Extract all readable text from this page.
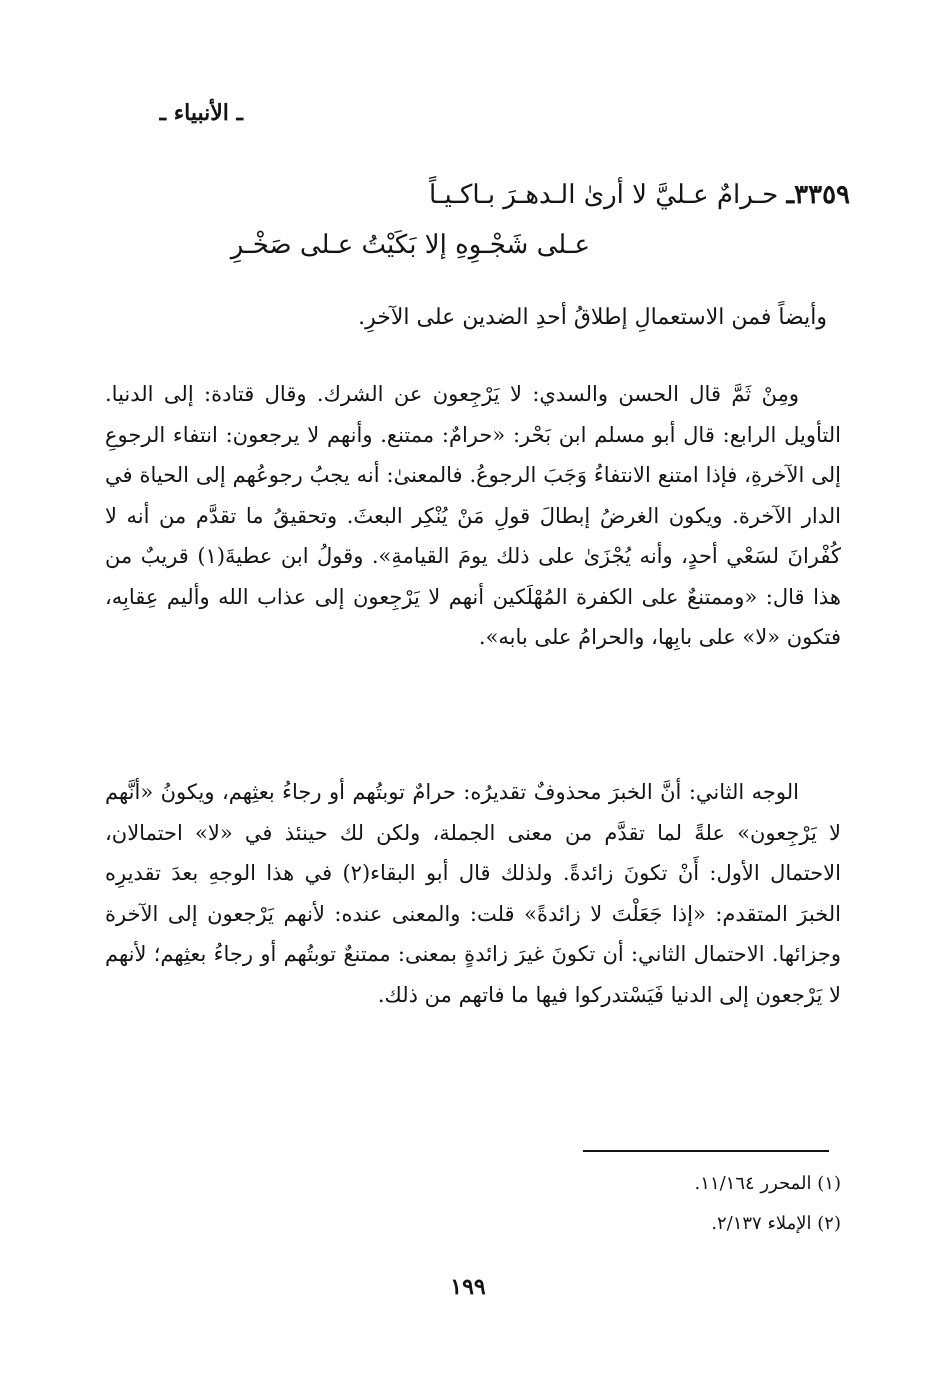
ـ الأنبياء ـ
٣٣٥٩ـ حـرامٌ عـليَّ لا أرىٰ الـدهـرَ بـاكـيـاً
عـلى شَجْـوِهِ إلا بَكَيْتُ عـلى صَخْـرِ
وأيضاً فمن الاستعمالِ إطلاقُ أحدِ الضدين على الآخرِ.

ومِنْ ثَمَّ قال الحسن والسدي: لا يَرْجِعون عن الشرك. وقال قتادة: إلى الدنيا. التأويل الرابع: قال أبو مسلم ابن بَحْر: «حرامٌ: ممتنع. وأنهم لا يرجعون: انتفاء الرجوعِ إلى الآخرةِ، فإذا امتنع الانتفاءُ وَجَبَ الرجوعُ. فالمعنىٰ: أنه يجبُ رجوعُهم إلى الحياة في الدار الآخرة. ويكون الغرضُ إبطالَ قولِ مَنْ يُنْكِر البعثَ. وتحقيقُ ما تقدَّم من أنه لا كُفْرانَ لسَعْي أحدٍ، وأنه يُجْزَىٰ على ذلك يومَ القيامةِ». وقولُ ابن عطيةَ(١) قريبٌ من هذا قال: «وممتنعٌ على الكفرة المُهْلَكين أنهم لا يَرْجِعون إلى عذاب الله وأليم عِقابِه، فتكون «لا» على بابِها، والحرامُ على بابه».

الوجه الثاني: أنَّ الخبرَ محذوفٌ تقديرُه: حرامٌ توبتُهم أو رجاءُ بعثِهم، ويكونُ «أنَّهم لا يَرْجِعون» علةً لما تقدَّم من معنى الجملة، ولكن لك حينئذ في «لا» احتمالان، الاحتمال الأول: أَنْ تكونَ زائدةً. ولذلك قال أبو البقاء(٢) في هذا الوجهِ بعدَ تقديرِه الخبرَ المتقدم: «إذا جَعَلْتَ لا زائدةً» قلت: والمعنى عنده: لأنهم يَرْجعون إلى الآخرة وجزائها. الاحتمال الثاني: أن تكونَ غيرَ زائدةٍ بمعنى: ممتنعٌ توبتُهم أو رجاءُ بعثِهم؛ لأنهم لا يَرْجعون إلى الدنيا فَيَسْتدركوا فيها ما فاتهم من ذلك.

(١) المحرر ١١/١٦٤.
(٢) الإملاء ٢/١٣٧.
١٩٩
